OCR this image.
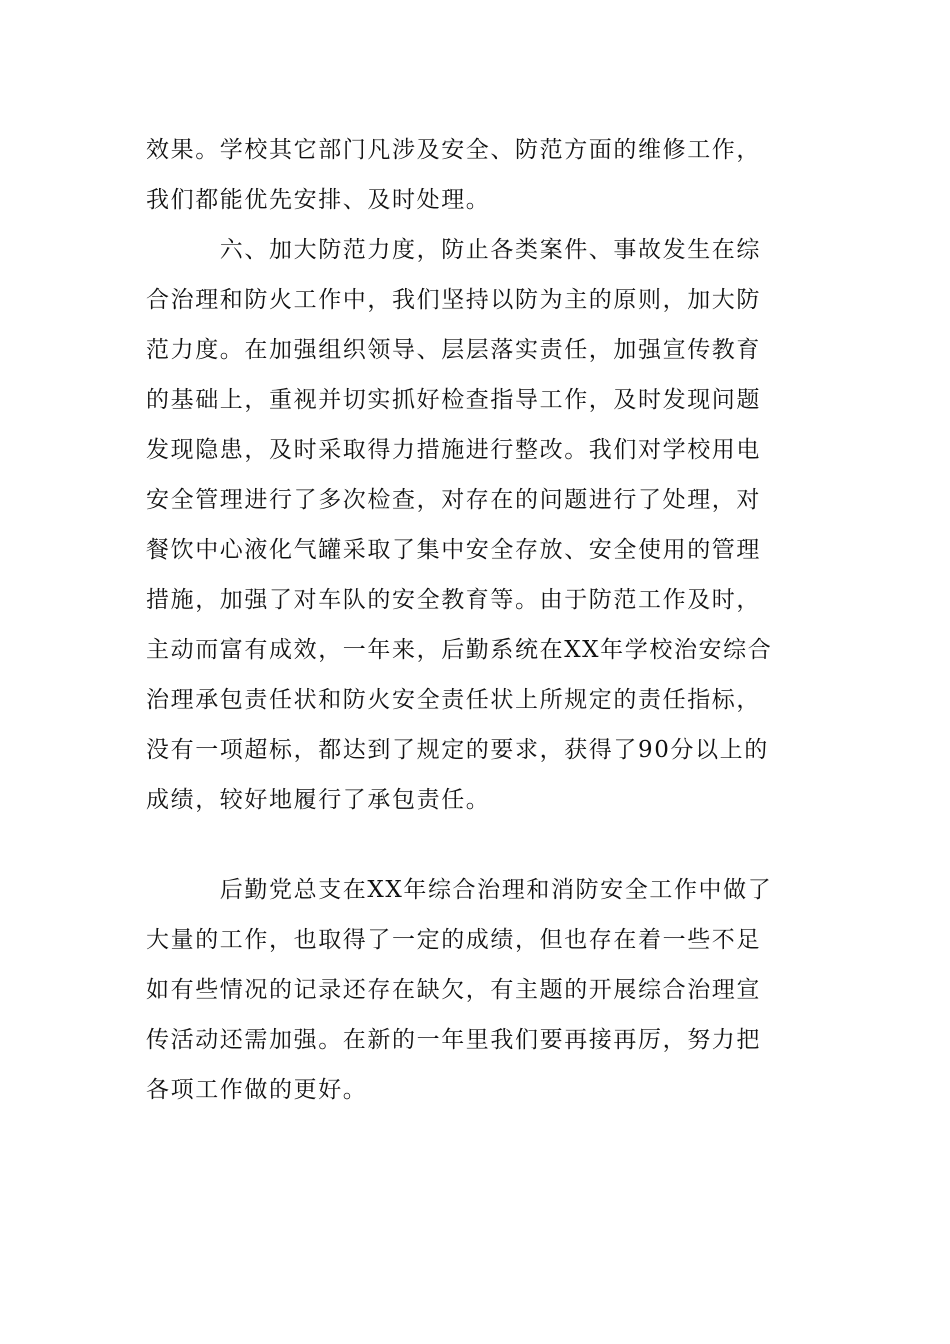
效果。学校其它部门凡涉及安全、防范方面的维修工作，
我们都能优先安排、及时处理。
　　　六、加大防范力度，防止各类案件、事故发生在综
合治理和防火工作中，我们坚持以防为主的原则，加大防
范力度。在加强组织领导、层层落实责任，加强宣传教育
的基础上，重视并切实抓好检查指导工作，及时发现问题
发现隐患，及时采取得力措施进行整改。我们对学校用电
安全管理进行了多次检查，对存在的问题进行了处理，对
餐饮中心液化气罐采取了集中安全存放、安全使用的管理
措施，加强了对车队的安全教育等。由于防范工作及时，
主动而富有成效，一年来，后勤系统在XX年学校治安综合
治理承包责任状和防火安全责任状上所规定的责任指标，
没有一项超标，都达到了规定的要求，获得了90分以上的
成绩，较好地履行了承包责任。
　　　后勤党总支在XX年综合治理和消防安全工作中做了
大量的工作，也取得了一定的成绩，但也存在着一些不足
如有些情况的记录还存在缺欠，有主题的开展综合治理宣
传活动还需加强。在新的一年里我们要再接再厉，努力把
各项工作做的更好。
